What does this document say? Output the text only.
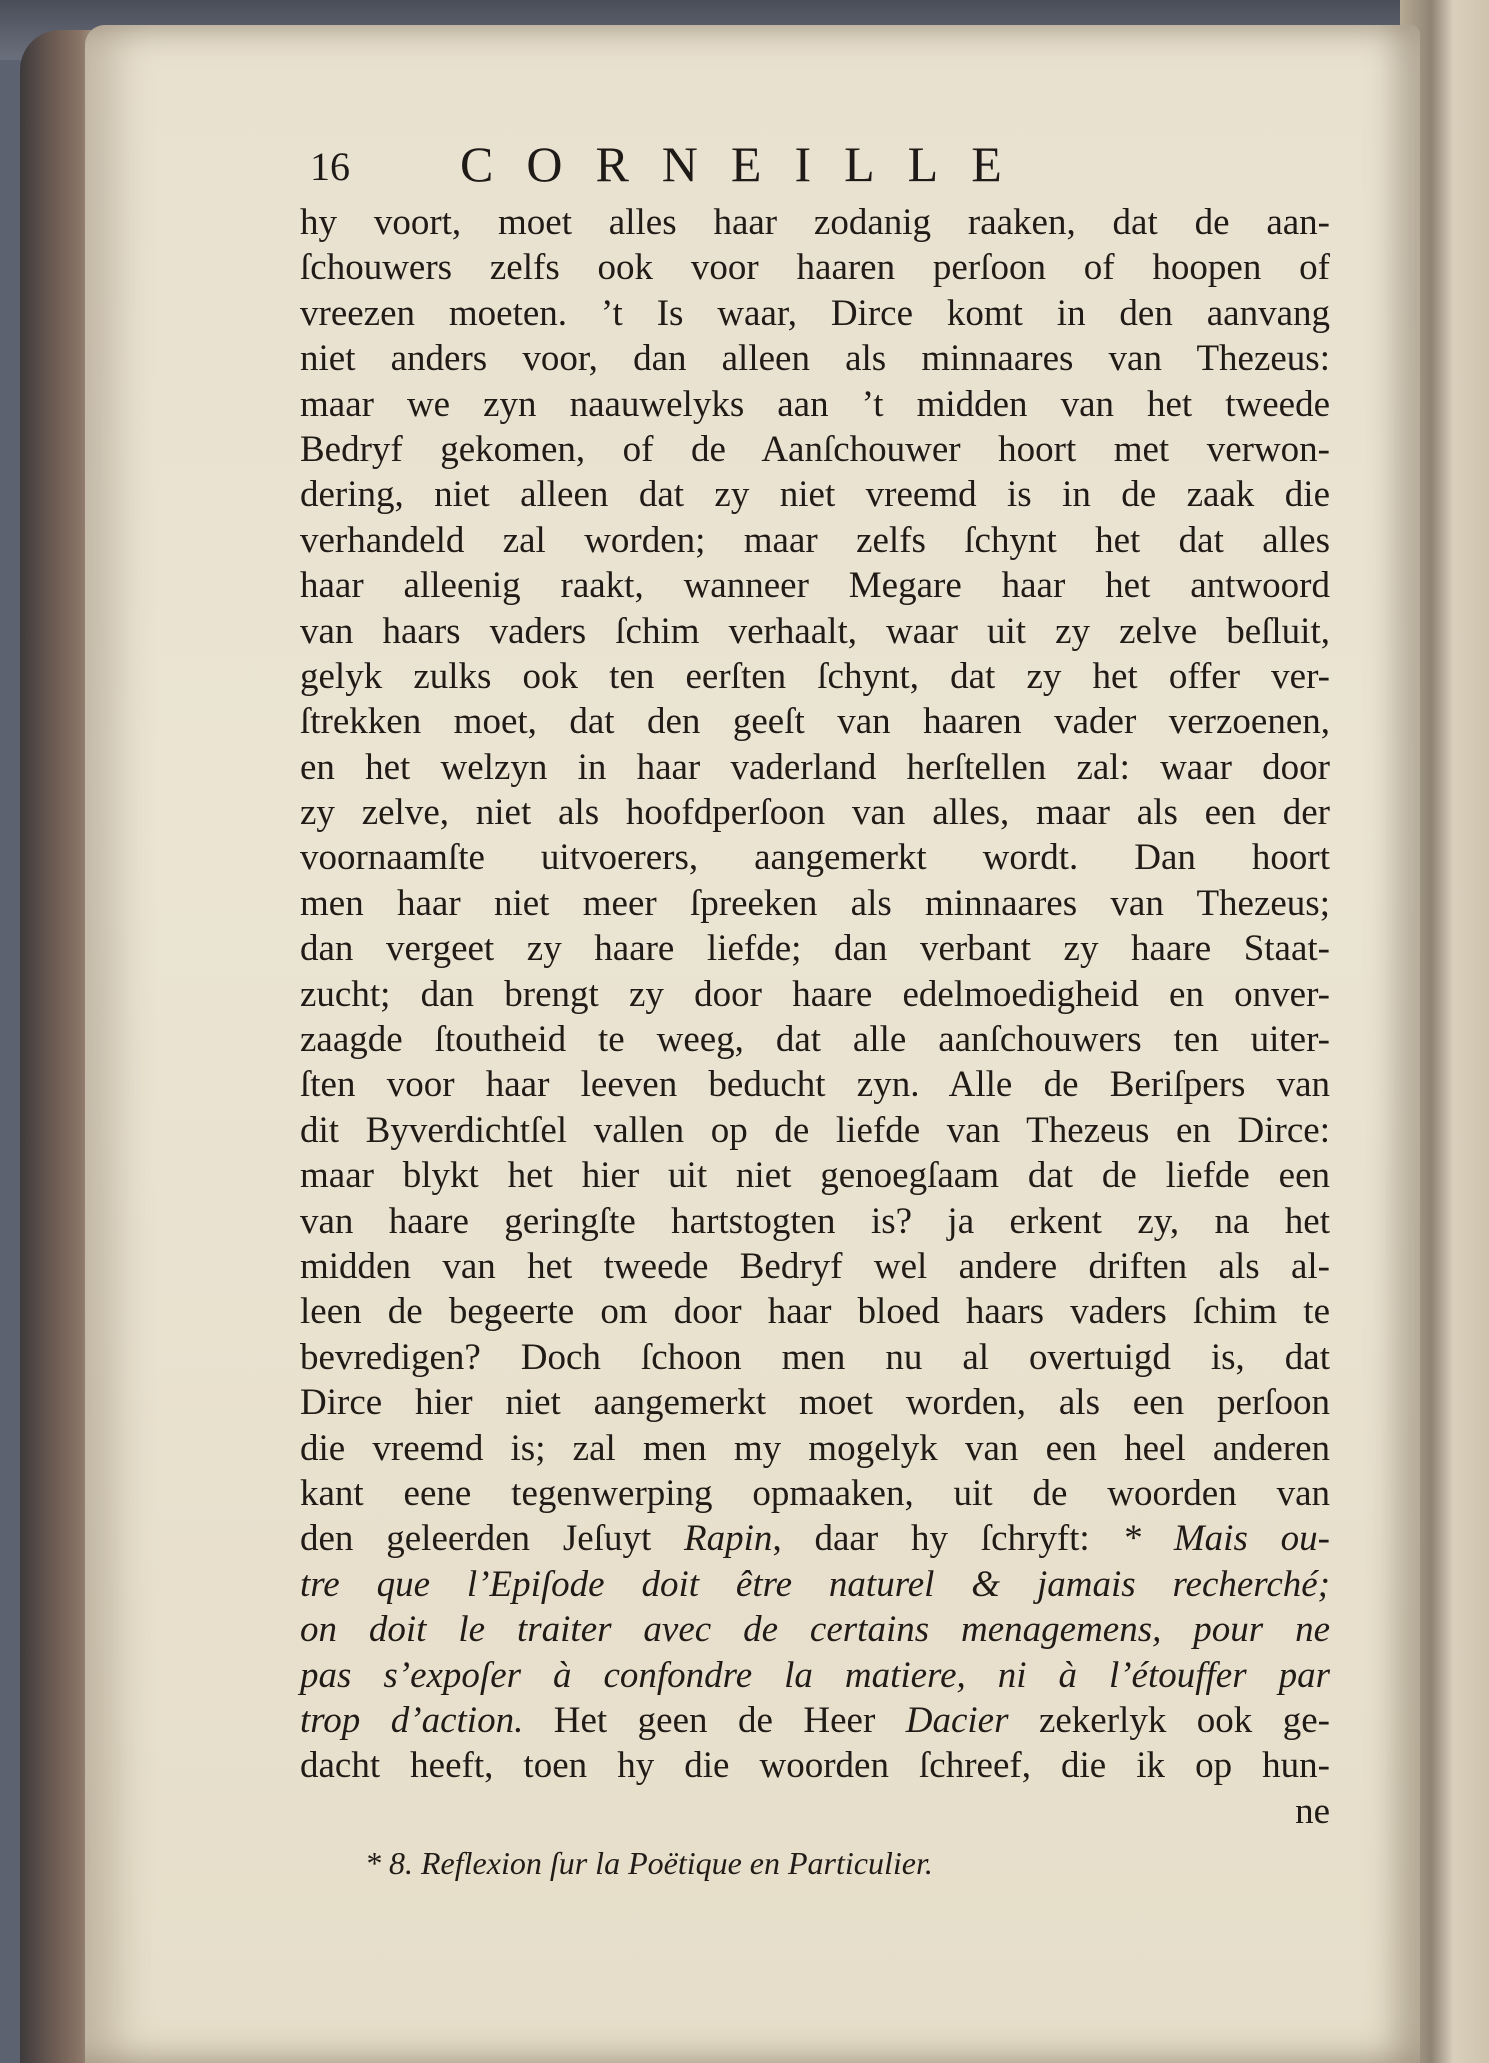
16 CORNEILLE
hy voort, moet alles haar zodanig raaken, dat de aan-
ſchouwers zelfs ook voor haaren perſoon of hoopen of
vreezen moeten. ’t Is waar, Dirce komt in den aanvang
niet anders voor, dan alleen als minnaares van Thezeus:
maar we zyn naauwelyks aan ’t midden van het tweede
Bedryf gekomen, of de Aanſchouwer hoort met verwon-
dering, niet alleen dat zy niet vreemd is in de zaak die
verhandeld zal worden; maar zelfs ſchynt het dat alles
haar alleenig raakt, wanneer Megare haar het antwoord
van haars vaders ſchim verhaalt, waar uit zy zelve beſluit,
gelyk zulks ook ten eerſten ſchynt, dat zy het offer ver-
ſtrekken moet, dat den geeſt van haaren vader verzoenen,
en het welzyn in haar vaderland herſtellen zal: waar door
zy zelve, niet als hoofdperſoon van alles, maar als een der
voornaamſte uitvoerers, aangemerkt wordt. Dan hoort
men haar niet meer ſpreeken als minnaares van Thezeus;
dan vergeet zy haare liefde; dan verbant zy haare Staat-
zucht; dan brengt zy door haare edelmoedigheid en onver-
zaagde ſtoutheid te weeg, dat alle aanſchouwers ten uiter-
ſten voor haar leeven beducht zyn. Alle de Beriſpers van
dit Byverdichtſel vallen op de liefde van Thezeus en Dirce:
maar blykt het hier uit niet genoegſaam dat de liefde een
van haare geringſte hartstogten is? ja erkent zy, na het
midden van het tweede Bedryf wel andere driften als al-
leen de begeerte om door haar bloed haars vaders ſchim te
bevredigen? Doch ſchoon men nu al overtuigd is, dat
Dirce hier niet aangemerkt moet worden, als een perſoon
die vreemd is; zal men my mogelyk van een heel anderen
kant eene tegenwerping opmaaken, uit de woorden van
den geleerden Jeſuyt Rapin, daar hy ſchryft: * Mais ou-
tre que l’Epiſode doit être naturel & jamais recherché;
on doit le traiter avec de certains menagemens, pour ne
pas s’expoſer à confondre la matiere, ni à l’étouffer par
trop d’action. Het geen de Heer Dacier zekerlyk ook ge-
dacht heeft, toen hy die woorden ſchreef, die ik op hun-
ne
* 8. Reflexion ſur la Poëtique en Particulier.
